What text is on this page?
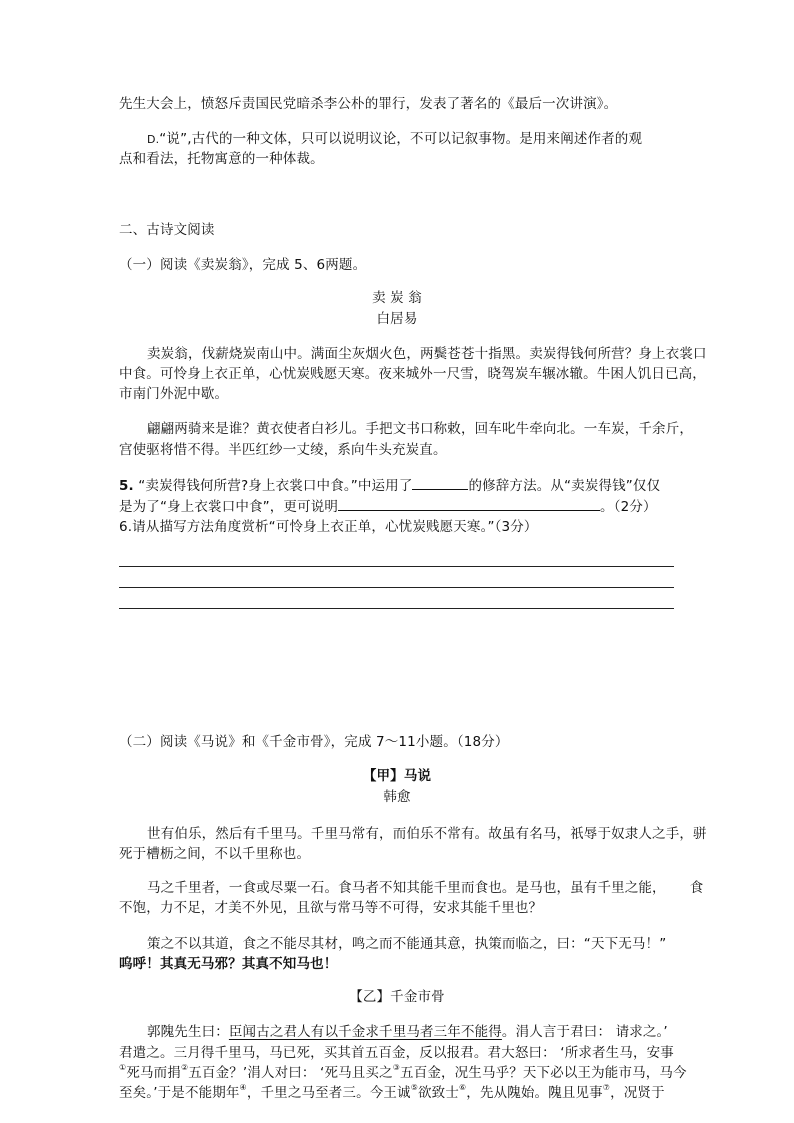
先生大会上，愤怒斥责国民党暗杀李公朴的罪行，发表了著名的《最后一次讲演》。
D.“说”,古代的一种文体，只可以说明议论，不可以记叙事物。是用来阐述作者的观
点和看法，托物寓意的一种体裁。
二、古诗文阅读
（一）阅读《卖炭翁》，完成 5、6两题。
卖 炭 翁
白居易
卖炭翁，伐薪烧炭南山中。满面尘灰烟火色，两鬓苍苍十指黑。卖炭得钱何所营？身上衣裳口
中食。可怜身上衣正单，心忧炭贱愿天寒。夜来城外一尺雪，晓驾炭车辗冰辙。牛困人饥日已高，
市南门外泥中歇。
翩翩两骑来是谁？黄衣使者白衫儿。手把文书口称敕，回车叱牛牵向北。一车炭，千余斤，
宫使驱将惜不得。半匹红纱一丈绫，系向牛头充炭直。
5. “卖炭得钱何所营?身上衣裳口中食。”中运用了	的修辞方法。从“卖炭得钱”仅仅
是为了“身上衣裳口中食”，更可说明	。（2分）
6.请从描写方法角度赏析“可怜身上衣正单，心忧炭贱愿天寒。”（3分）
（二）阅读《马说》和《千金市骨》，完成 7～11小题。（18分）
【甲】马说
韩愈
世有伯乐，然后有千里马。千里马常有，而伯乐不常有。故虽有名马，祇辱于奴隶人之手，骈
死于槽枥之间，不以千里称也。
马之千里者，一食或尽粟一石。食马者不知其能千里而食也。是马也，虽有千里之能， 食
不饱，力不足，才美不外见，且欲与常马等不可得，安求其能千里也？
策之不以其道，食之不能尽其材，鸣之而不能通其意，执策而临之，曰：“天下无马！”
呜呼！其真无马邪？其真不知马也！
【乙】千金市骨
郭隗先生曰：臣闻古之君人有以千金求千里马者三年不能得。涓人言于君曰： 请求之。’
君遣之。三月得千里马，马已死，买其首五百金，反以报君。君大怒曰： ‘所求者生马，安事
①死马而捐②五百金？’涓人对曰： ‘死马且买之③五百金，况生马乎？天下必以王为能市马，马今
至矣。’于是不能期年④，千里之马至者三。今王诚⑤欲致士⑥，先从隗始。隗且见事⑦，况贤于
